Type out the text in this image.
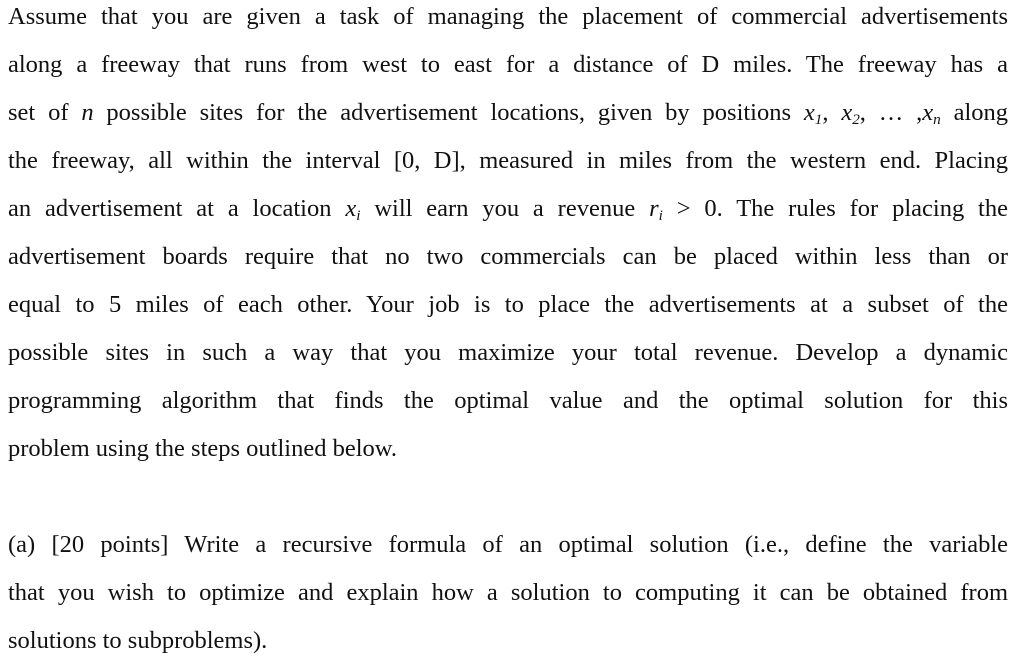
Assume that you are given a task of managing the placement of commercial advertisements
along a freeway that runs from west to east for a distance of D miles. The freeway has a
set of n possible sites for the advertisement locations, given by positions $x_1$, $x_2$, … $,x_n$ along
the freeway, all within the interval [0, D], measured in miles from the western end. Placing
an advertisement at a location $x_i$ will earn you a revenue $r_i > 0$. The rules for placing the
advertisement boards require that no two commercials can be placed within less than or
equal to 5 miles of each other. Your job is to place the advertisements at a subset of the
possible sites in such a way that you maximize your total revenue. Develop a dynamic
programming algorithm that finds the optimal value and the optimal solution for this
problem using the steps outlined below.
(a) [20 points] Write a recursive formula of an optimal solution (i.e., define the variable
that you wish to optimize and explain how a solution to computing it can be obtained from
solutions to subproblems).
